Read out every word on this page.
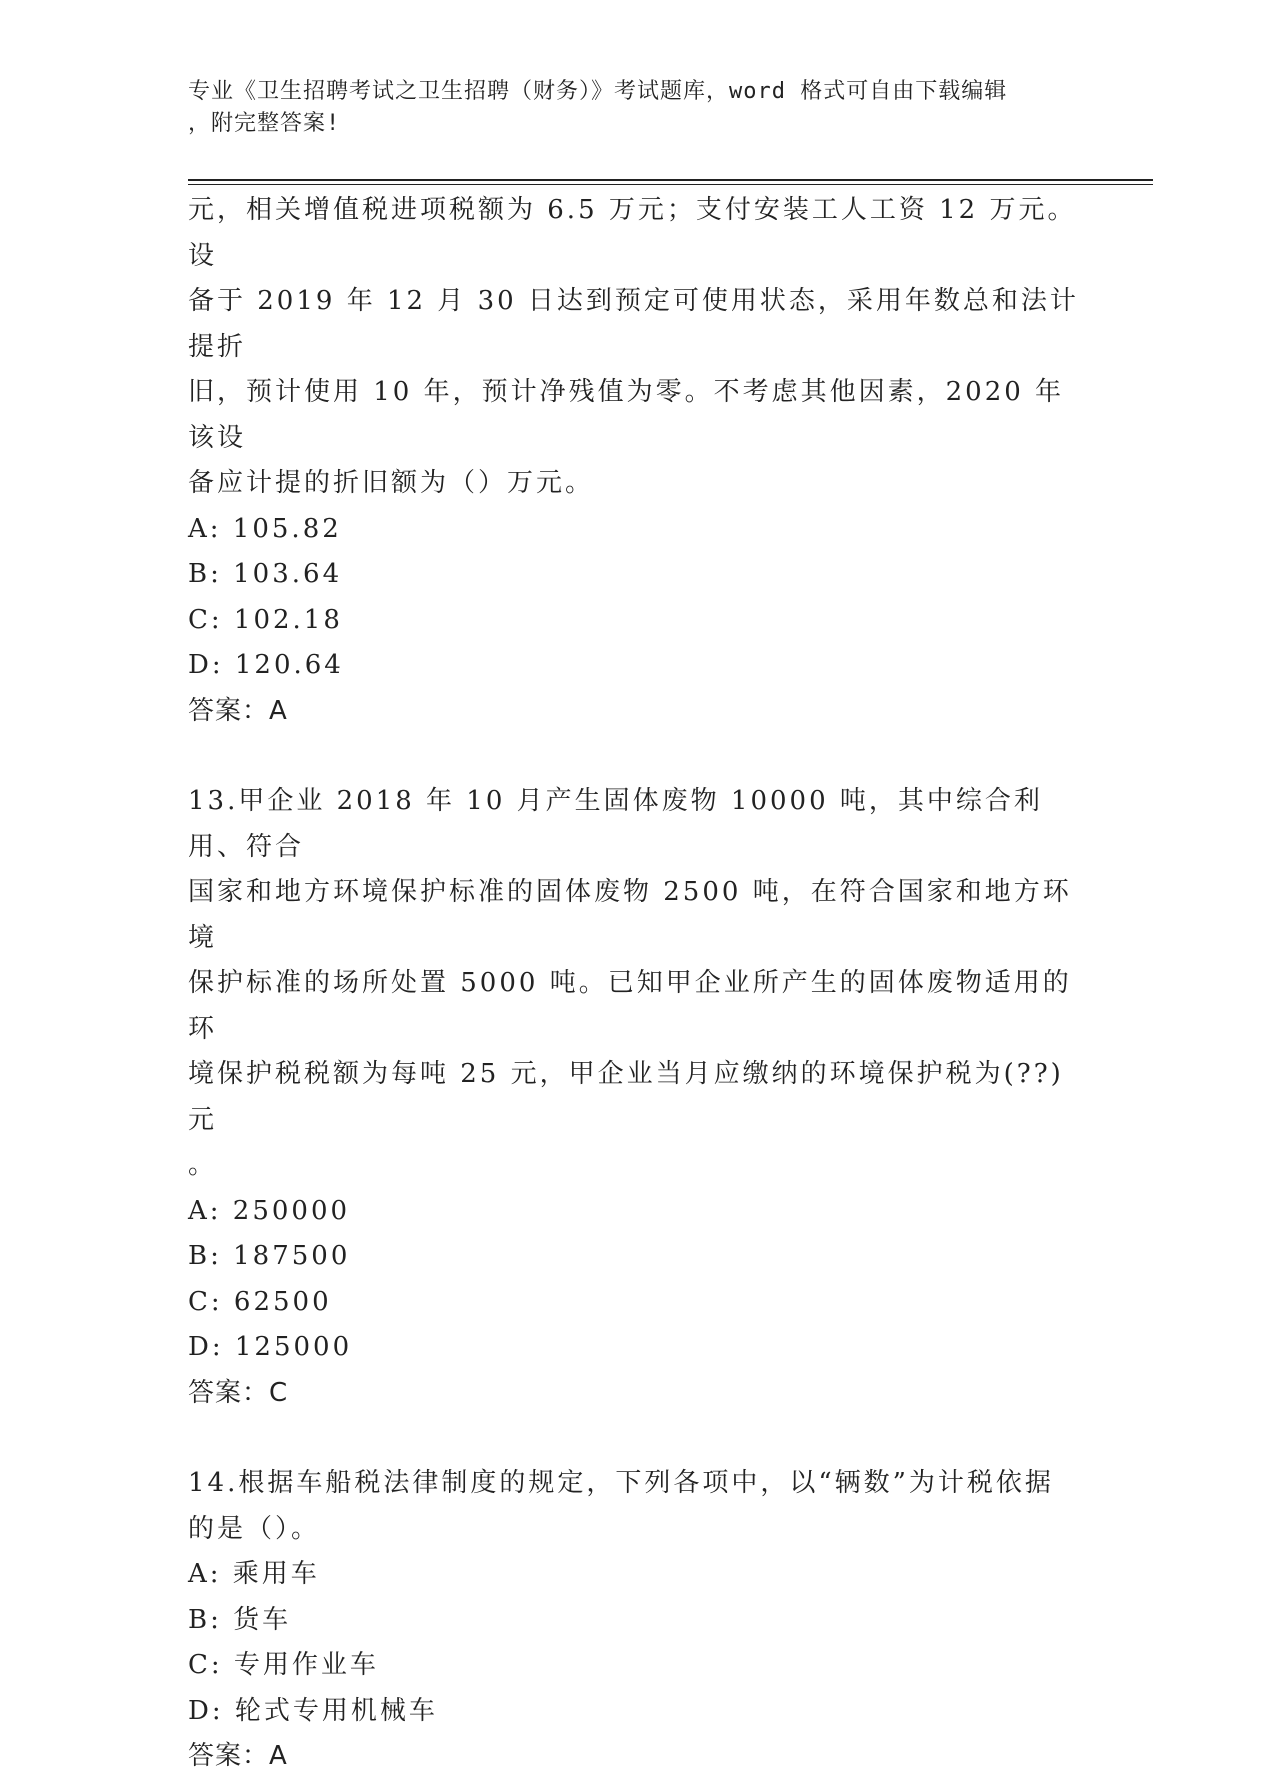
专业《卫生招聘考试之卫生招聘（财务）》考试题库，word 格式可自由下载编辑
，附完整答案!

元，相关增值税进项税额为 6.5 万元；支付安装工人工资 12 万元。设

备于 2019 年 12 月 30 日达到预定可使用状态，采用年数总和法计提折

旧，预计使用 10 年，预计净残值为零。不考虑其他因素，2020 年该设

备应计提的折旧额为（）万元。

A: 105.82

B: 103.64

C: 102.18

D: 120.64

答案：A

13.甲企业 2018 年 10 月产生固体废物 10000 吨，其中综合利用、符合

国家和地方环境保护标准的固体废物 2500 吨，在符合国家和地方环境

保护标准的场所处置 5000 吨。已知甲企业所产生的固体废物适用的环

境保护税税额为每吨 25 元，甲企业当月应缴纳的环境保护税为(??)元

。

A: 250000

B: 187500

C: 62500

D: 125000

答案：C

14.根据车船税法律制度的规定，下列各项中，以“辆数”为计税依据

的是（）。

A: 乘用车

B: 货车

C: 专用作业车

D: 轮式专用机械车

答案：A
